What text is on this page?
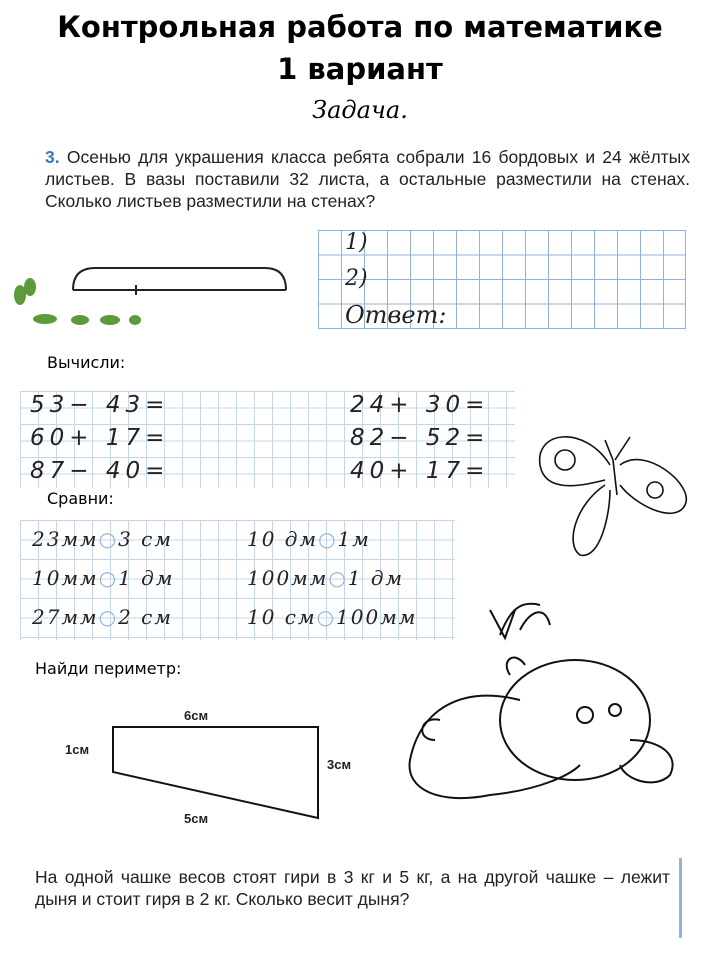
Контрольная работа по математике
1 вариант
Задача.
3. Осенью для украшения класса ребята собрали 16 бордовых и 24 жёлтых листьев. В вазы поставили 32 листа, а остальные разместили на стенах. Сколько листьев разместили на стенах?
1)
2)
Ответ:
Вычисли:
53− 43=
60+ 17=
87− 40=
24+ 30=
82− 52=
40+ 17=
Сравни:
23мм○3 см
10мм○1 дм
27мм○2 см
10 дм○1м
100мм○1 дм
10 см○100мм
Найди периметр:
6см
1см
3см
5см
На одной чашке весов стоят гири в 3 кг и 5 кг, а на другой чашке – лежит дыня и стоит гиря в 2 кг. Сколько весит дыня?
